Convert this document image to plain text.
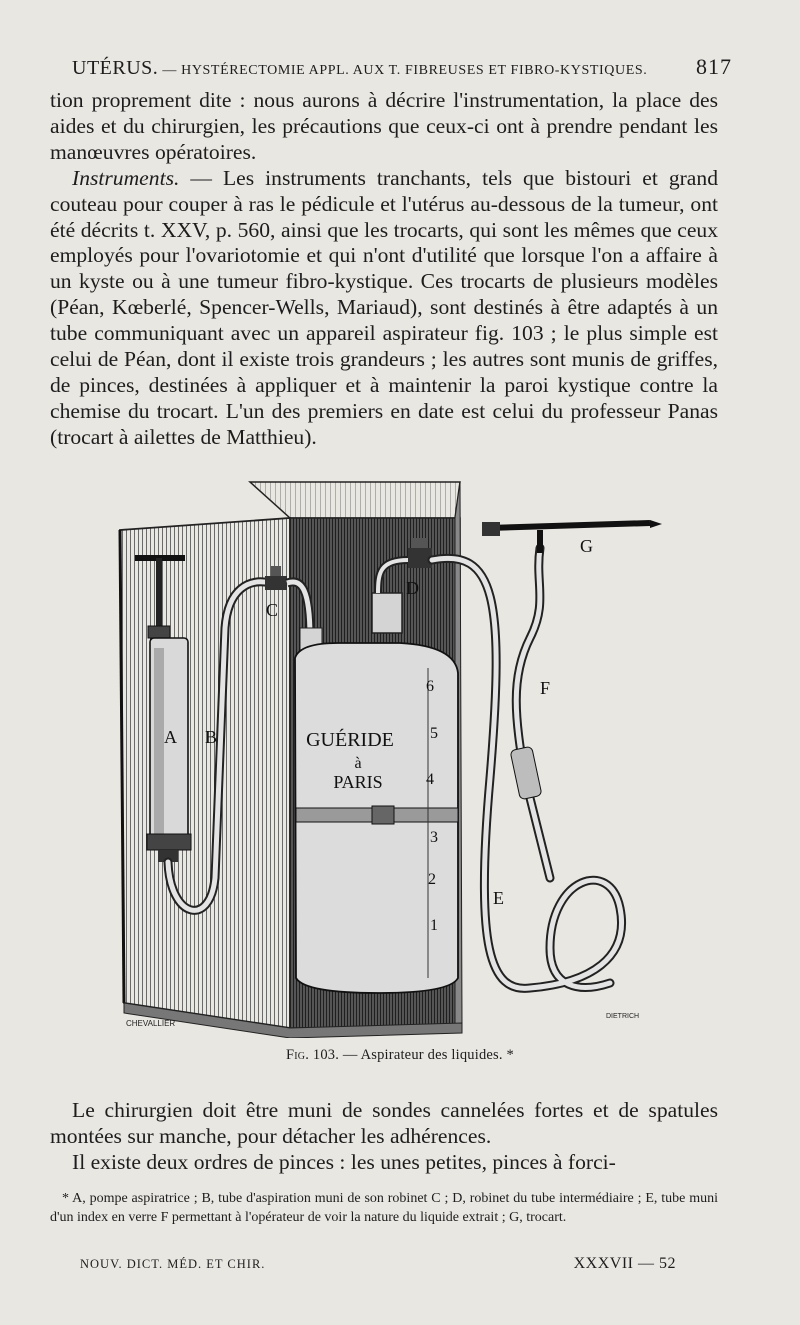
UTÉRUS. — HYSTÉRECTOMIE APPL. AUX T. FIBREUSES ET FIBRO-KYSTIQUES. 817

tion proprement dite : nous aurons à décrire l'instrumentation, la place des aides et du chirurgien, les précautions que ceux-ci ont à prendre pendant les manœuvres opératoires.

Instruments. — Les instruments tranchants, tels que bistouri et grand couteau pour couper à ras le pédicule et l'utérus au-dessous de la tumeur, ont été décrits t. XXV, p. 560, ainsi que les trocarts, qui sont les mêmes que ceux employés pour l'ovariotomie et qui n'ont d'utilité que lorsque l'on a affaire à un kyste ou à une tumeur fibro-kystique. Ces trocarts de plusieurs modèles (Péan, Kœberlé, Spencer-Wells, Mariaud), sont destinés à être adaptés à un tube communiquant avec un appareil aspirateur fig. 103 ; le plus simple est celui de Péan, dont il existe trois grandeurs ; les autres sont munis de griffes, de pinces, destinées à appliquer et à maintenir la paroi kystique contre la chemise du trocart. L'un des premiers en date est celui du professeur Panas (trocart à ailettes de Matthieu).

A B
C
D
E
F
G
GUÉRIDE
à
PARIS
6
5
4
3
2
1
CHEVALLIER
DIETRICH
Fig. 103. — Aspirateur des liquides. *

Le chirurgien doit être muni de sondes cannelées fortes et de spatules montées sur manche, pour détacher les adhérences.

Il existe deux ordres de pinces : les unes petites, pinces à forci-

* A, pompe aspiratrice ; B, tube d'aspiration muni de son robinet C ; D, robinet du tube intermédiaire ; E, tube muni d'un index en verre F permettant à l'opérateur de voir la nature du liquide extrait ; G, trocart.
NOUV. DICT. MÉD. ET CHIR.	XXXVII — 52
